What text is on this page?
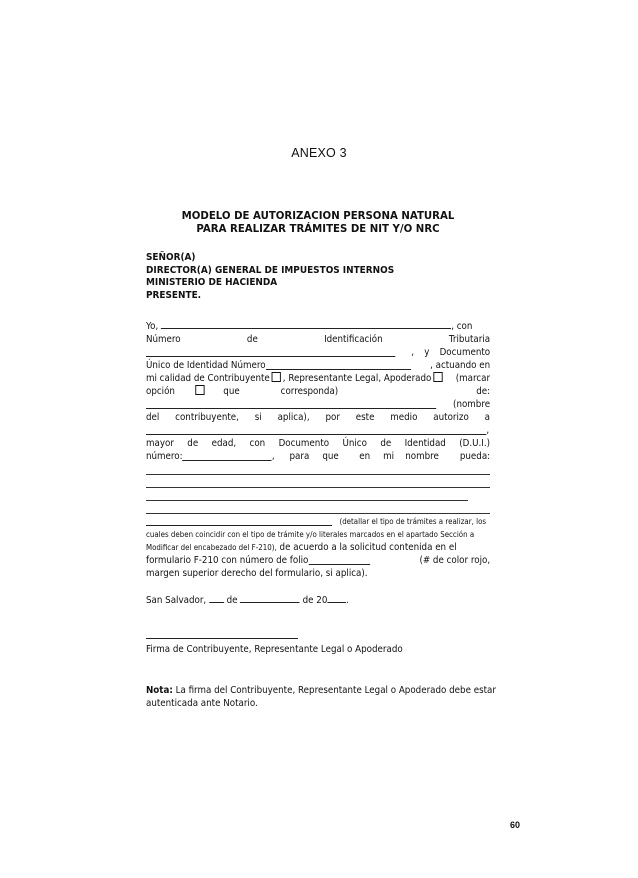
ANEXO 3
MODELO DE AUTORIZACION PERSONA NATURAL
PARA REALIZAR TRÁMITES DE NIT Y/O NRC
SEÑOR(A)
DIRECTOR(A) GENERAL DE IMPUESTOS INTERNOS
MINISTERIO DE HACIENDA
PRESENTE.
Yo,	, con
Número	de	Identificación	Tributaria
, y Documento
Único de Identidad Número	, actuando en
mi calidad de Contribuyente , Representante Legal, Apoderado	(marcar
opción	que	corresponda)	de:
(nombre
del contribuyente, si aplica), por este medio autorizo a
,
mayor de edad, con Documento Único de Identidad (D.U.I.)
número:	, para que en mi nombre pueda:
(detallar el tipo de trámites a realizar, los
cuales deben coincidir con el tipo de trámite y/o literales marcados en el apartado Sección a
Modificar del encabezado del F-210), de acuerdo a la solicitud contenida en el
formulario F-210 con número de folio	(# de color rojo,
margen superior derecho del formulario, si aplica).
San Salvador, de	de 20 .
Firma de Contribuyente, Representante Legal o Apoderado
Nota: La firma del Contribuyente, Representante Legal o Apoderado debe estar
autenticada ante Notario.
60
